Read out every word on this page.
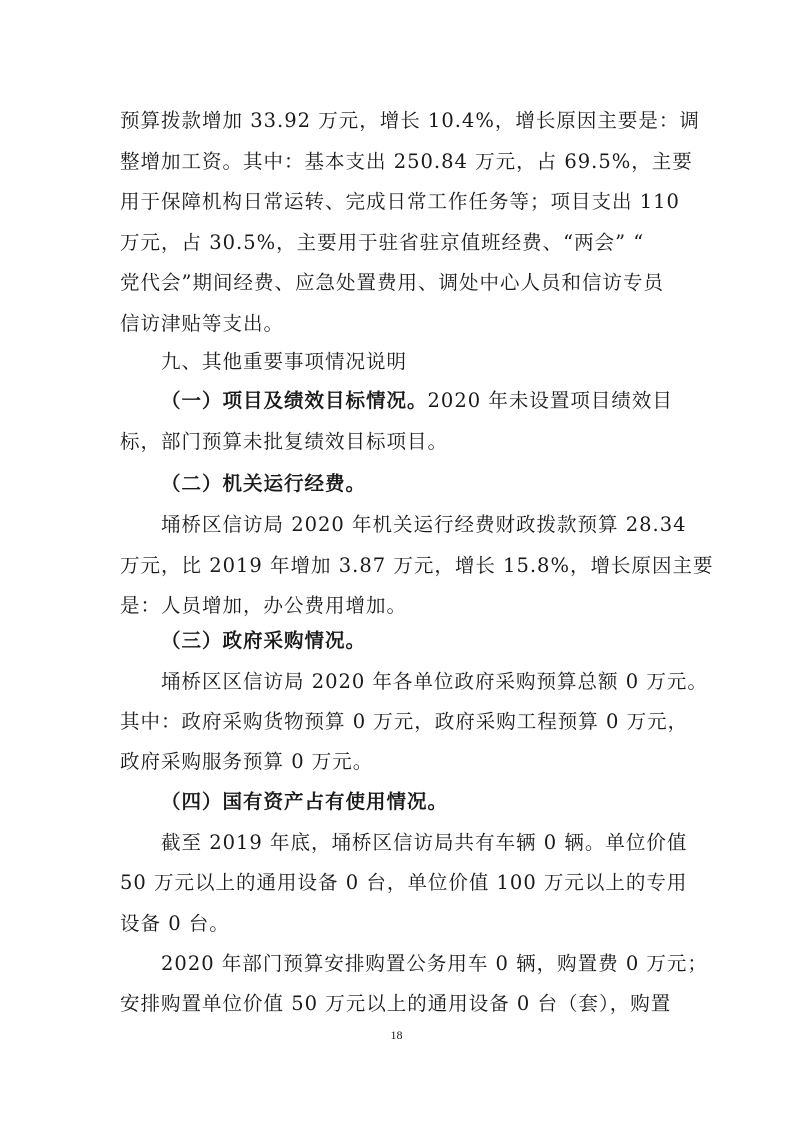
预算拨款增加 33.92 万元，增长 10.4%，增长原因主要是：调
整增加工资。其中：基本支出 250.84 万元，占 69.5%，主要
用于保障机构日常运转、完成日常工作任务等；项目支出 110
万元，占 30.5%，主要用于驻省驻京值班经费、“两会” “
党代会”期间经费、应急处置费用、调处中心人员和信访专员
信访津贴等支出。
九、其他重要事项情况说明
（一）项目及绩效目标情况。2020 年未设置项目绩效目
标，部门预算未批复绩效目标项目。
（二）机关运行经费。
埇桥区信访局 2020 年机关运行经费财政拨款预算 28.34
万元，比 2019 年增加 3.87 万元，增长 15.8%，增长原因主要
是：人员增加，办公费用增加。
（三）政府采购情况。
埇桥区区信访局 2020 年各单位政府采购预算总额 0 万元。
其中：政府采购货物预算 0 万元，政府采购工程预算 0 万元，
政府采购服务预算 0 万元。
（四）国有资产占有使用情况。
截至 2019 年底，埇桥区信访局共有车辆 0 辆。单位价值
50 万元以上的通用设备 0 台，单位价值 100 万元以上的专用
设备 0 台。
2020 年部门预算安排购置公务用车 0 辆，购置费 0 万元；
安排购置单位价值 50 万元以上的通用设备 0 台（套），购置
18
